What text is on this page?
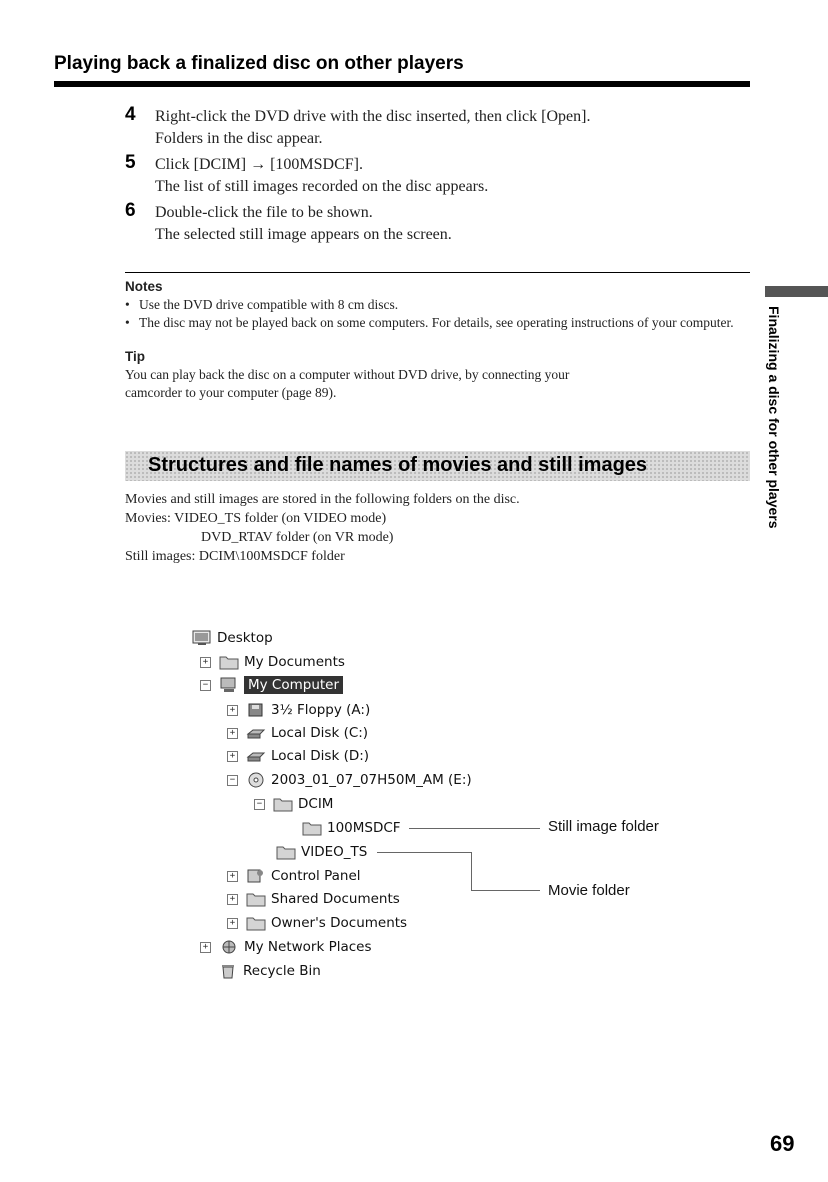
Playing back a finalized disc on other players
4 Right-click the DVD drive with the disc inserted, then click [Open].
Folders in the disc appear.
5 Click [DCIM] → [100MSDCF].
The list of still images recorded on the disc appears.
6 Double-click the file to be shown.
The selected still image appears on the screen.
Notes
• Use the DVD drive compatible with 8 cm discs.
• The disc may not be played back on some computers. For details, see operating instructions of your computer.
Tip
You can play back the disc on a computer without DVD drive, by connecting your
camcorder to your computer (page 89).
Structures and file names of movies and still images
Movies and still images are stored in the following folders on the disc.
Movies: VIDEO_TS folder (on VIDEO mode)
DVD_RTAV folder (on VR mode)
Still images: DCIM\100MSDCF folder
Finalizing a disc for other players
Desktop
+	My Documents
−	My Computer
+	3½ Floppy (A:)
+	Local Disk (C:)
+	Local Disk (D:)
−	2003_01_07_07H50M_AM (E:)
−	DCIM
100MSDCF
VIDEO_TS
+	Control Panel
+	Shared Documents
+	Owner's Documents
+	My Network Places
Recycle Bin
Still image folder
Movie folder
69
